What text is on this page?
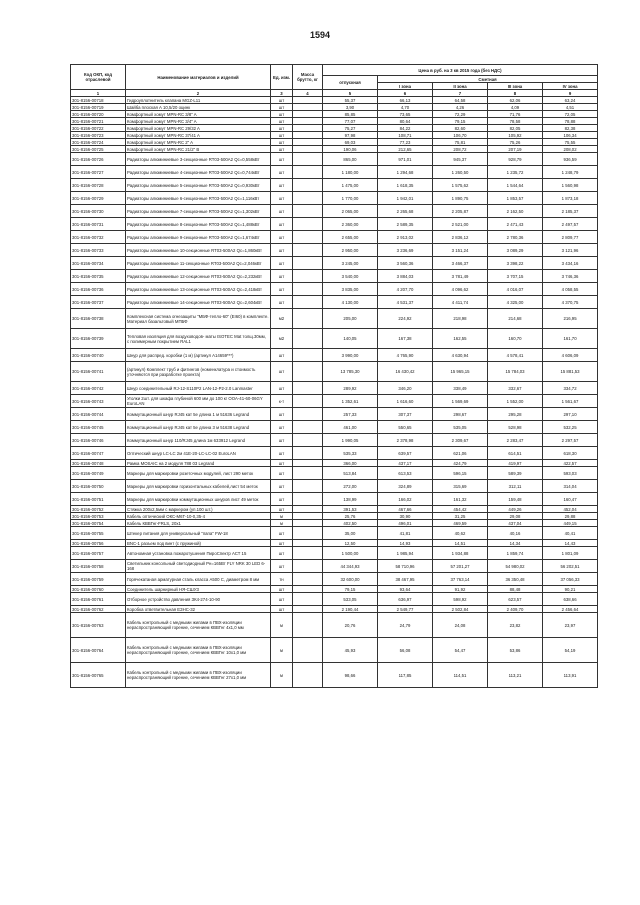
1594
Код ОКП, код отраслевой	Наименование материалов и изделий	Ед. изм.	Масса брутто, кг	Цена в руб. на 3 кв 2015 года (без НДС)				
				отпускная	Сметная			
					I зона	II зона	III зона	IV зона
1	2	3	4	5	6	7	8	9
301-8156-00718	Гидроуплотнитель клапана MGZ-L11	шт		55,37	66,13	64,58	62,06	63,24
301-8156-00719	Шайба плоская А 10,5/20 оцинк	шт		3,90	4,70	4,26	4,09	4,51
301-8156-00720	Комфортный хомут MPN-RC 3/8" A	шт		85,85	73,65	72,29	71,76	72,05
301-8156-00721	Комфортный хомут MPN-RC 3/4" A	шт		77,07	80,64	79,15	78,58	78,88
301-8156-00722	Комфортный хомут MPN-RC 29/32 A	шт		75,27	84,22	82,60	82,05	82,38
301-8156-00723	Комфортный хомут MPN-RC 37/41 A	шт		97,98	108,71	106,70	105,92	106,34
301-8156-00724	Комфортный хомут MPN-RC 2" A	шт		69,03	77,23	75,81	75,26	75,55
301-8156-00725	Комфортный хомут MPN-RC 21/2" B	шт		190,06	212,65	208,72	207,19	208,02
301-8156-00726	Радиаторы алюминиевые 3-секционные RT03-500A2 Qc=0,558кВт	шт		865,00	971,01	945,37	928,79	936,59
301-8156-00727	Радиаторы алюминиевые 4-секционные RT03-500A2 Qc=0,744кВт	шт		1 180,00	1 294,68	1 260,50	1 235,72	1 248,79
301-8156-00728	Радиаторы алюминиевые 5-секционные RT03-500A2 Qc=0,930кВт	шт		1 475,00	1 618,35	1 575,62	1 544,64	1 560,98
301-8156-00729	Радиаторы алюминиевые 6-секционные RT03-500A2 Qc=1,116кВт	шт		1 770,00	1 942,01	1 890,75	1 853,57	1 873,18
301-8156-00730	Радиаторы алюминиевые 7-секционные RT03-500A2 Qc=1,302кВт	шт		2 065,00	2 265,68	2 205,87	2 162,50	2 185,37
301-8156-00731	Радиаторы алюминиевые 8-секционные RT03-500A2 Qc=1,488кВт	шт		2 360,00	2 589,35	2 521,00	2 471,43	2 497,57
301-8156-00732	Радиаторы алюминиевые 9-секционные RT03-500A2 Qc=1,674кВт	шт		2 655,00	2 913,02	2 836,12	2 780,36	2 809,77
301-8156-00733	Радиаторы алюминиевые 10-секционные RT03-500A2 Qc=1,860кВт	шт		2 950,00	3 236,69	3 151,24	3 089,29	3 121,96
301-8156-00734	Радиаторы алюминиевые 11-секционные RT03-500A2 Qc=2,046кВт	шт		3 245,00	3 560,36	3 466,37	3 398,22	3 434,16
301-8156-00735	Радиаторы алюминиевые 12-секционные RT03-500A2 Qc=2,232кВт	шт		3 540,00	3 884,03	3 781,49	3 707,15	3 746,36
301-8156-00736	Радиаторы алюминиевые 13-секционные RT03-500A2 Qc=2,418кВт	шт		3 835,00	4 207,70	4 096,62	4 016,07	4 058,55
301-8156-00737	Радиаторы алюминиевые 14-секционные RT03-500A2 Qc=2,604кВт	шт		4 130,00	4 531,37	4 411,74	4 325,00	4 370,75
301-8156-00738	Комплексная система огнезащиты "МБФ-тепло-60" (EI60) в комплекте. Материал базальтовый МПБФ	м2		205,00	224,92	218,98	214,68	216,95
301-8156-00739	Тепловая изоляция для воздуховодов- маты ISOTEC Mat толщ.30мм, с полимерным покрытием RAL1	м2		140,05	167,38	162,55	160,70	161,70
301-8156-00740	Шнур для распред. коробки (1 м) (артикул А14659***)	шт		3 990,00	4 765,90	4 630,94	4 578,41	4 606,09
301-8156-00741	(артикул) Комплект труб и фитингов (номенклатура и стоимость уточняются при разработке проекта)	шт		13 785,30	16 430,42	15 965,15	15 784,03	15 881,53
301-8156-00742	Шнур соединительный RJ-12-S110P2 LAN-12-P2-2.0 Lanmaster	шт		289,92	346,20	338,49	332,67	334,72
301-8156-00743	Уголки 2шт. для шкафа глубиной 600 мм до 100 кг ООА-41-60-06GY EuroLAN	к-т		1 352,61	1 616,60	1 569,69	1 552,00	1 561,67
301-8156-00744	Коммутационный шнур RJ45 кат 5e длина 1 м 51636 Legrand	шт		257,33	307,37	298,67	295,28	297,10
301-8156-00745	Коммутационный шнур RJ45 кат 5e длина 3 м 51638 Legrand	шт		461,00	550,65	535,05	528,98	532,25
301-8156-00746	Коммутационный шнур 110/RJ45 длина 1м 633912 Legrand	шт		1 990,05	2 378,98	2 309,67	2 283,47	2 297,57
301-8156-00747	Оптический шнур LC-LC 2м 41E-20-LC-LC-02 EuroLAN	шт		535,33	639,57	621,06	614,51	618,30
301-8156-00748	Рамка MOSAIC на 2 модуля 788 03 Legrand	шт		366,00	437,17	424,79	419,97	422,57
301-8156-00749	Маркеры для маркировки розеточных модулей, лист 290 меток	шт		513,84	613,53	596,15	589,39	593,03
301-8156-00750	Маркеры для маркировки горизонтальных кабелей,лист 54 меток	шт		272,00	324,89	315,69	312,11	314,04
301-8156-00751	Маркеры для маркировки коммутационных шнуров лист 49 меток	шт		138,99	166,02	161,32	159,48	160,47
301-8156-00752	Стяжка 200х2,5мм с маркером (уп.100 шт.)	шт		391,53	467,66	454,42	449,26	452,04
301-8156-00753	Кабель оптический ОКС-М6Т-10-0,35-4	м		25,76	30,90	31,25	29,08	29,88
301-8156-00754	Кабель КВВГнг-FRLS, 20х1	м		402,50	496,01	469,59	437,04	449,15
301-8156-00755	Штекер питания для универсальный "папа" FW-18	шт		35,00	41,81	40,62	40,16	40,41
301-8156-00756	BNC-1 разъем под винт (с пружиной)	шт		12,50	14,93	14,51	14,34	14,43
301-8156-00757	Автономная установка пожаротушения ПироСпектр АСТ 15	шт		1 500,00	1 985,94	1 934,88	1 859,74	1 801,09
301-8156-00758	Светильник консольный светодиодный Рн=165Вт FLY NRK 30 LED 6-168	шт		44 344,93	58 710,96	57 201,27	54 980,02	56 202,51
301-8156-00759	Горячекатаная арматурная сталь класса А500 С, диаметром 8 мм	тн		32 600,00	38 467,95	37 763,14	36 350,48	37 056,33
301-8156-00760	Соединитель шарнирный НЯ-СШУЗ	шт		79,15	93,64	91,92	88,48	90,21
301-8156-00761	Отборное устройство давления ЗК4-274-10-90	шт		533,05	636,97	598,92	623,57	638,66
301-8156-00762	Коробка ответвительная ЕЗНС-32	шт		2 190,44	2 549,77	2 502,84	2 409,70	2 456,64
301-8156-00763	Кабель контрольный с медными жилами в ПВХ-изоляции нераспространяющий горение, сечением КВВГнг 4х1,0 мм	м		20,76	24,79	24,08	23,82	23,97
301-8156-00764	Кабель контрольный с медными жилами в ПВХ-изоляции нераспространяющий горение, сечением КВВГнг 10х1,0 мм	м		45,93	56,08	54,47	53,86	54,19
301-8156-00765	Кабель контрольный с медными жилами в ПВХ-изоляции нераспространяющий горение, сечением КВВГнг 27х1,0 мм	м		98,66	117,85	114,51	113,21	113,91
